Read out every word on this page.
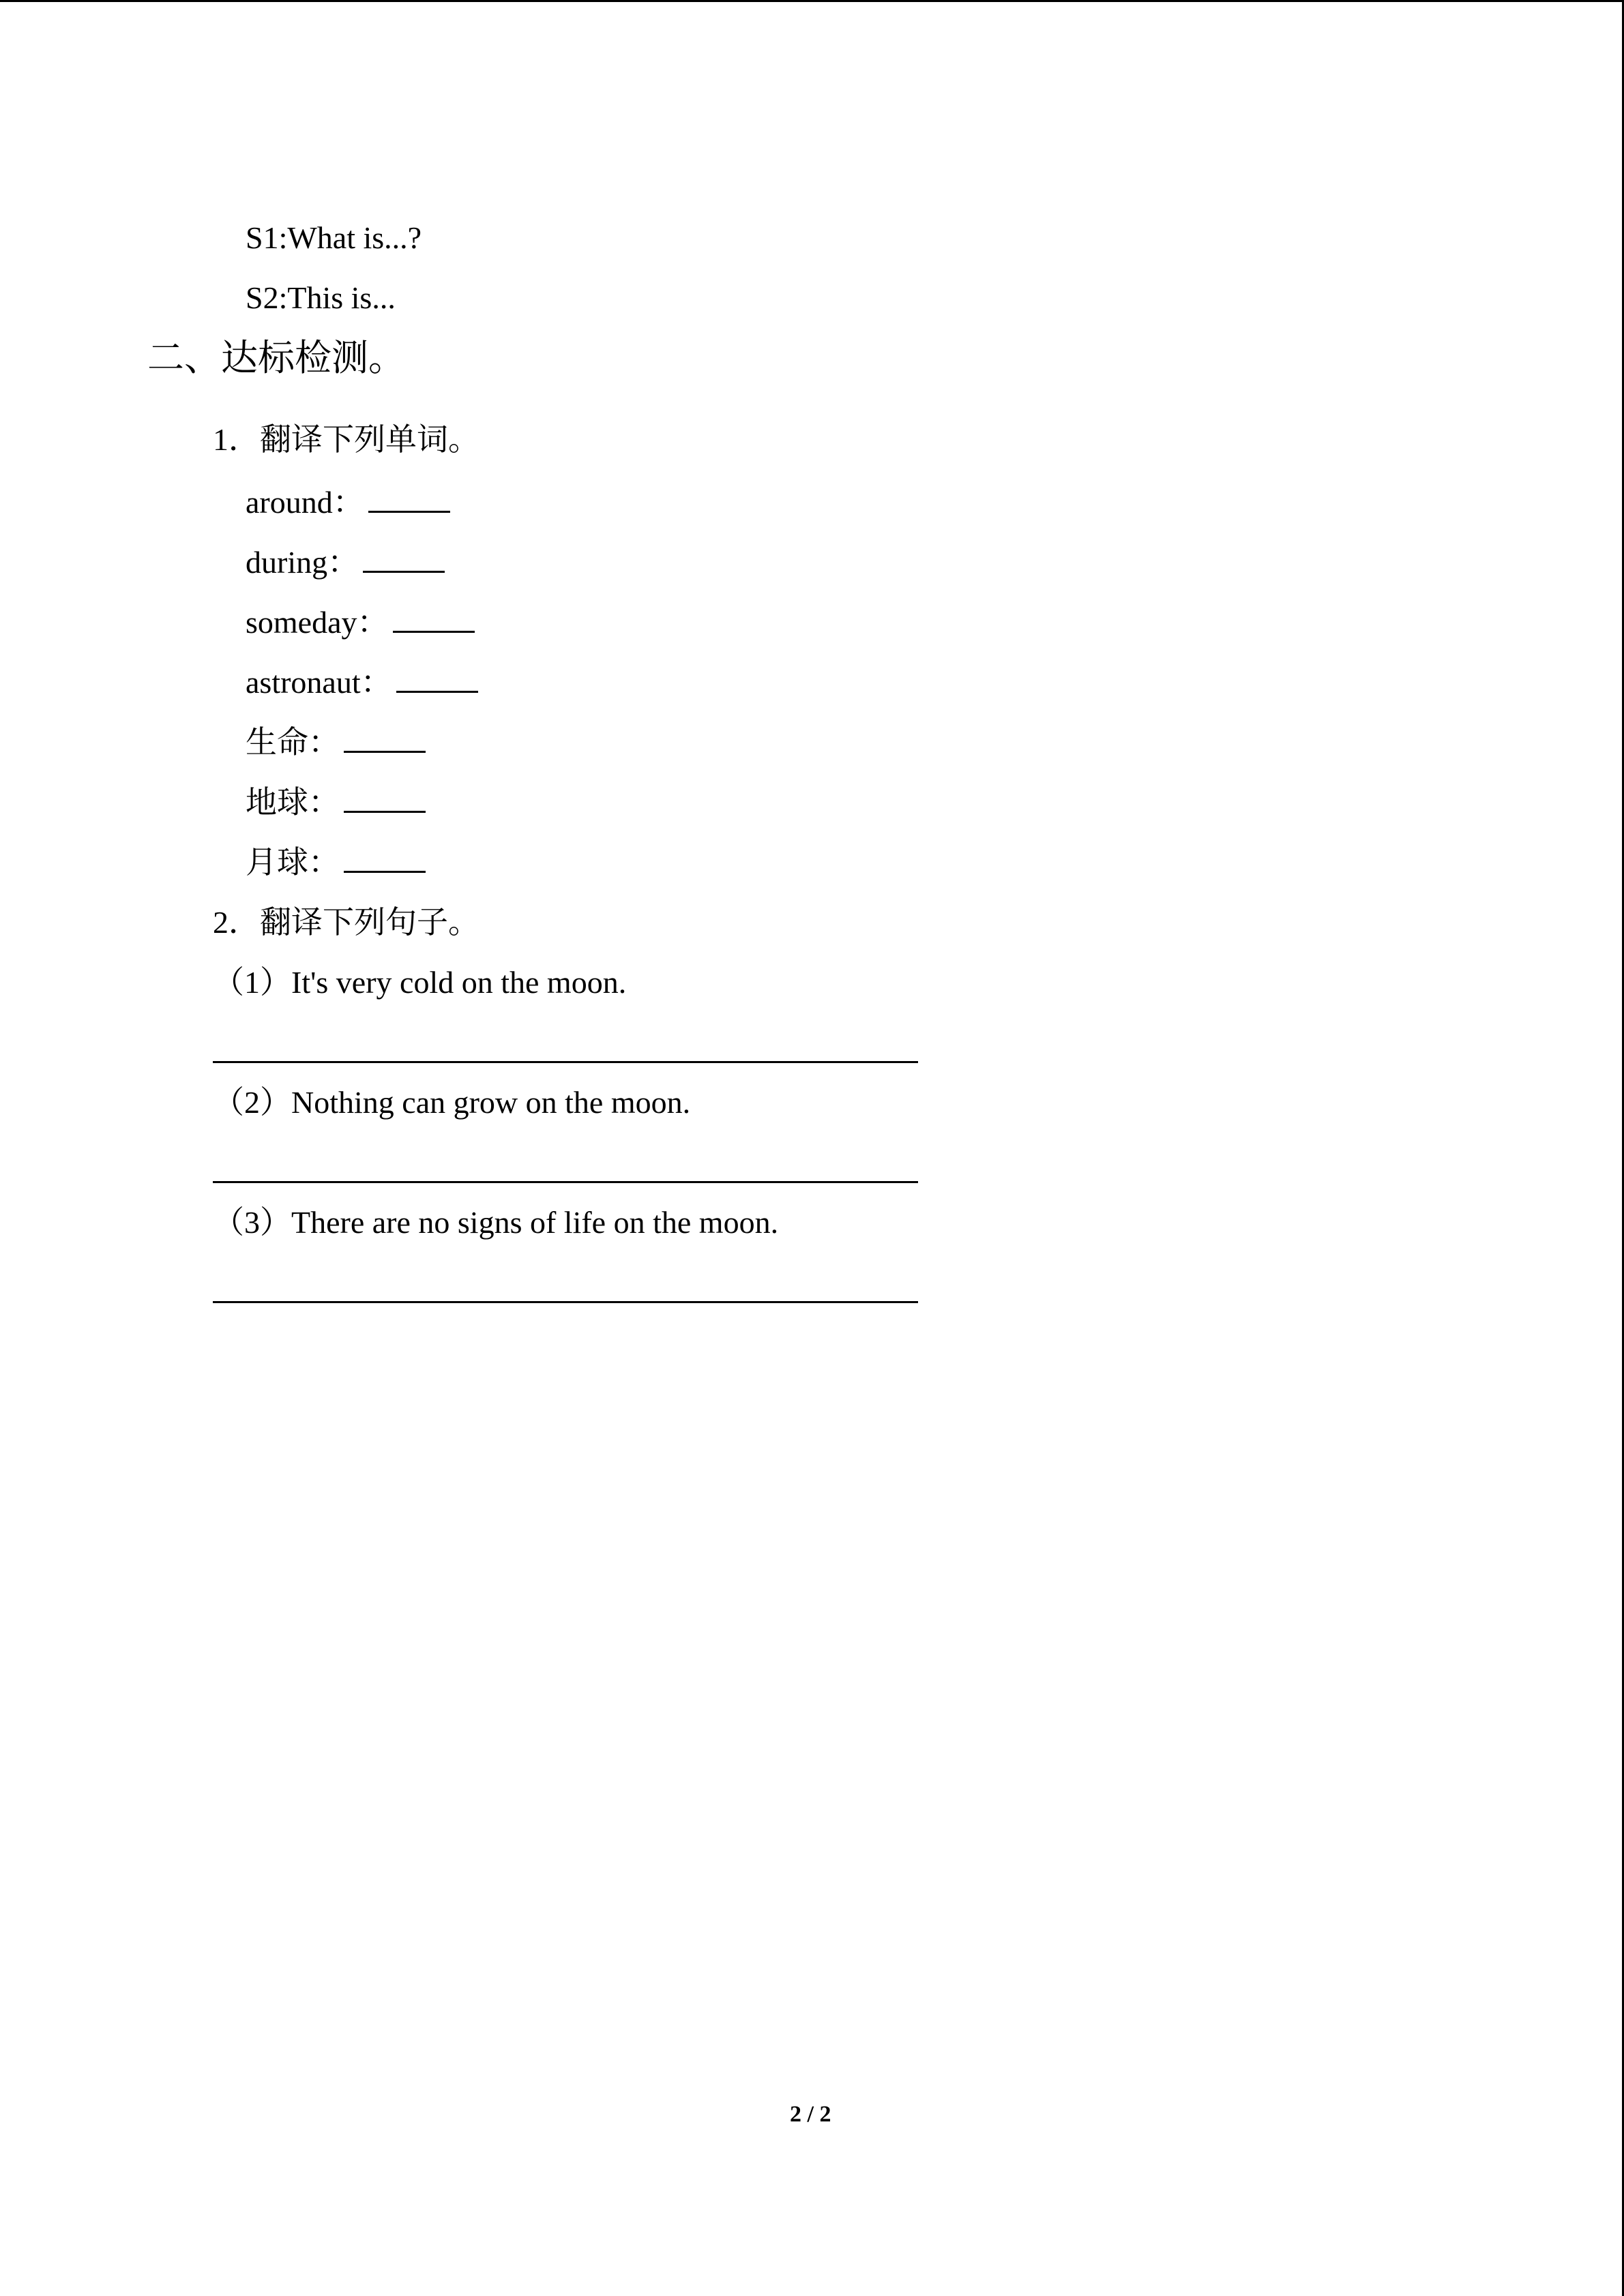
S1:What is...?
S2:This is...
二、达标检测。
1．翻译下列单词。
around：
during：
someday：
astronaut：
生命：
地球：
月球：
2．翻译下列句子。
（1）It's very cold on the moon.
（2）Nothing can grow on the moon.
（3）There are no signs of life on the moon.
2 / 2
